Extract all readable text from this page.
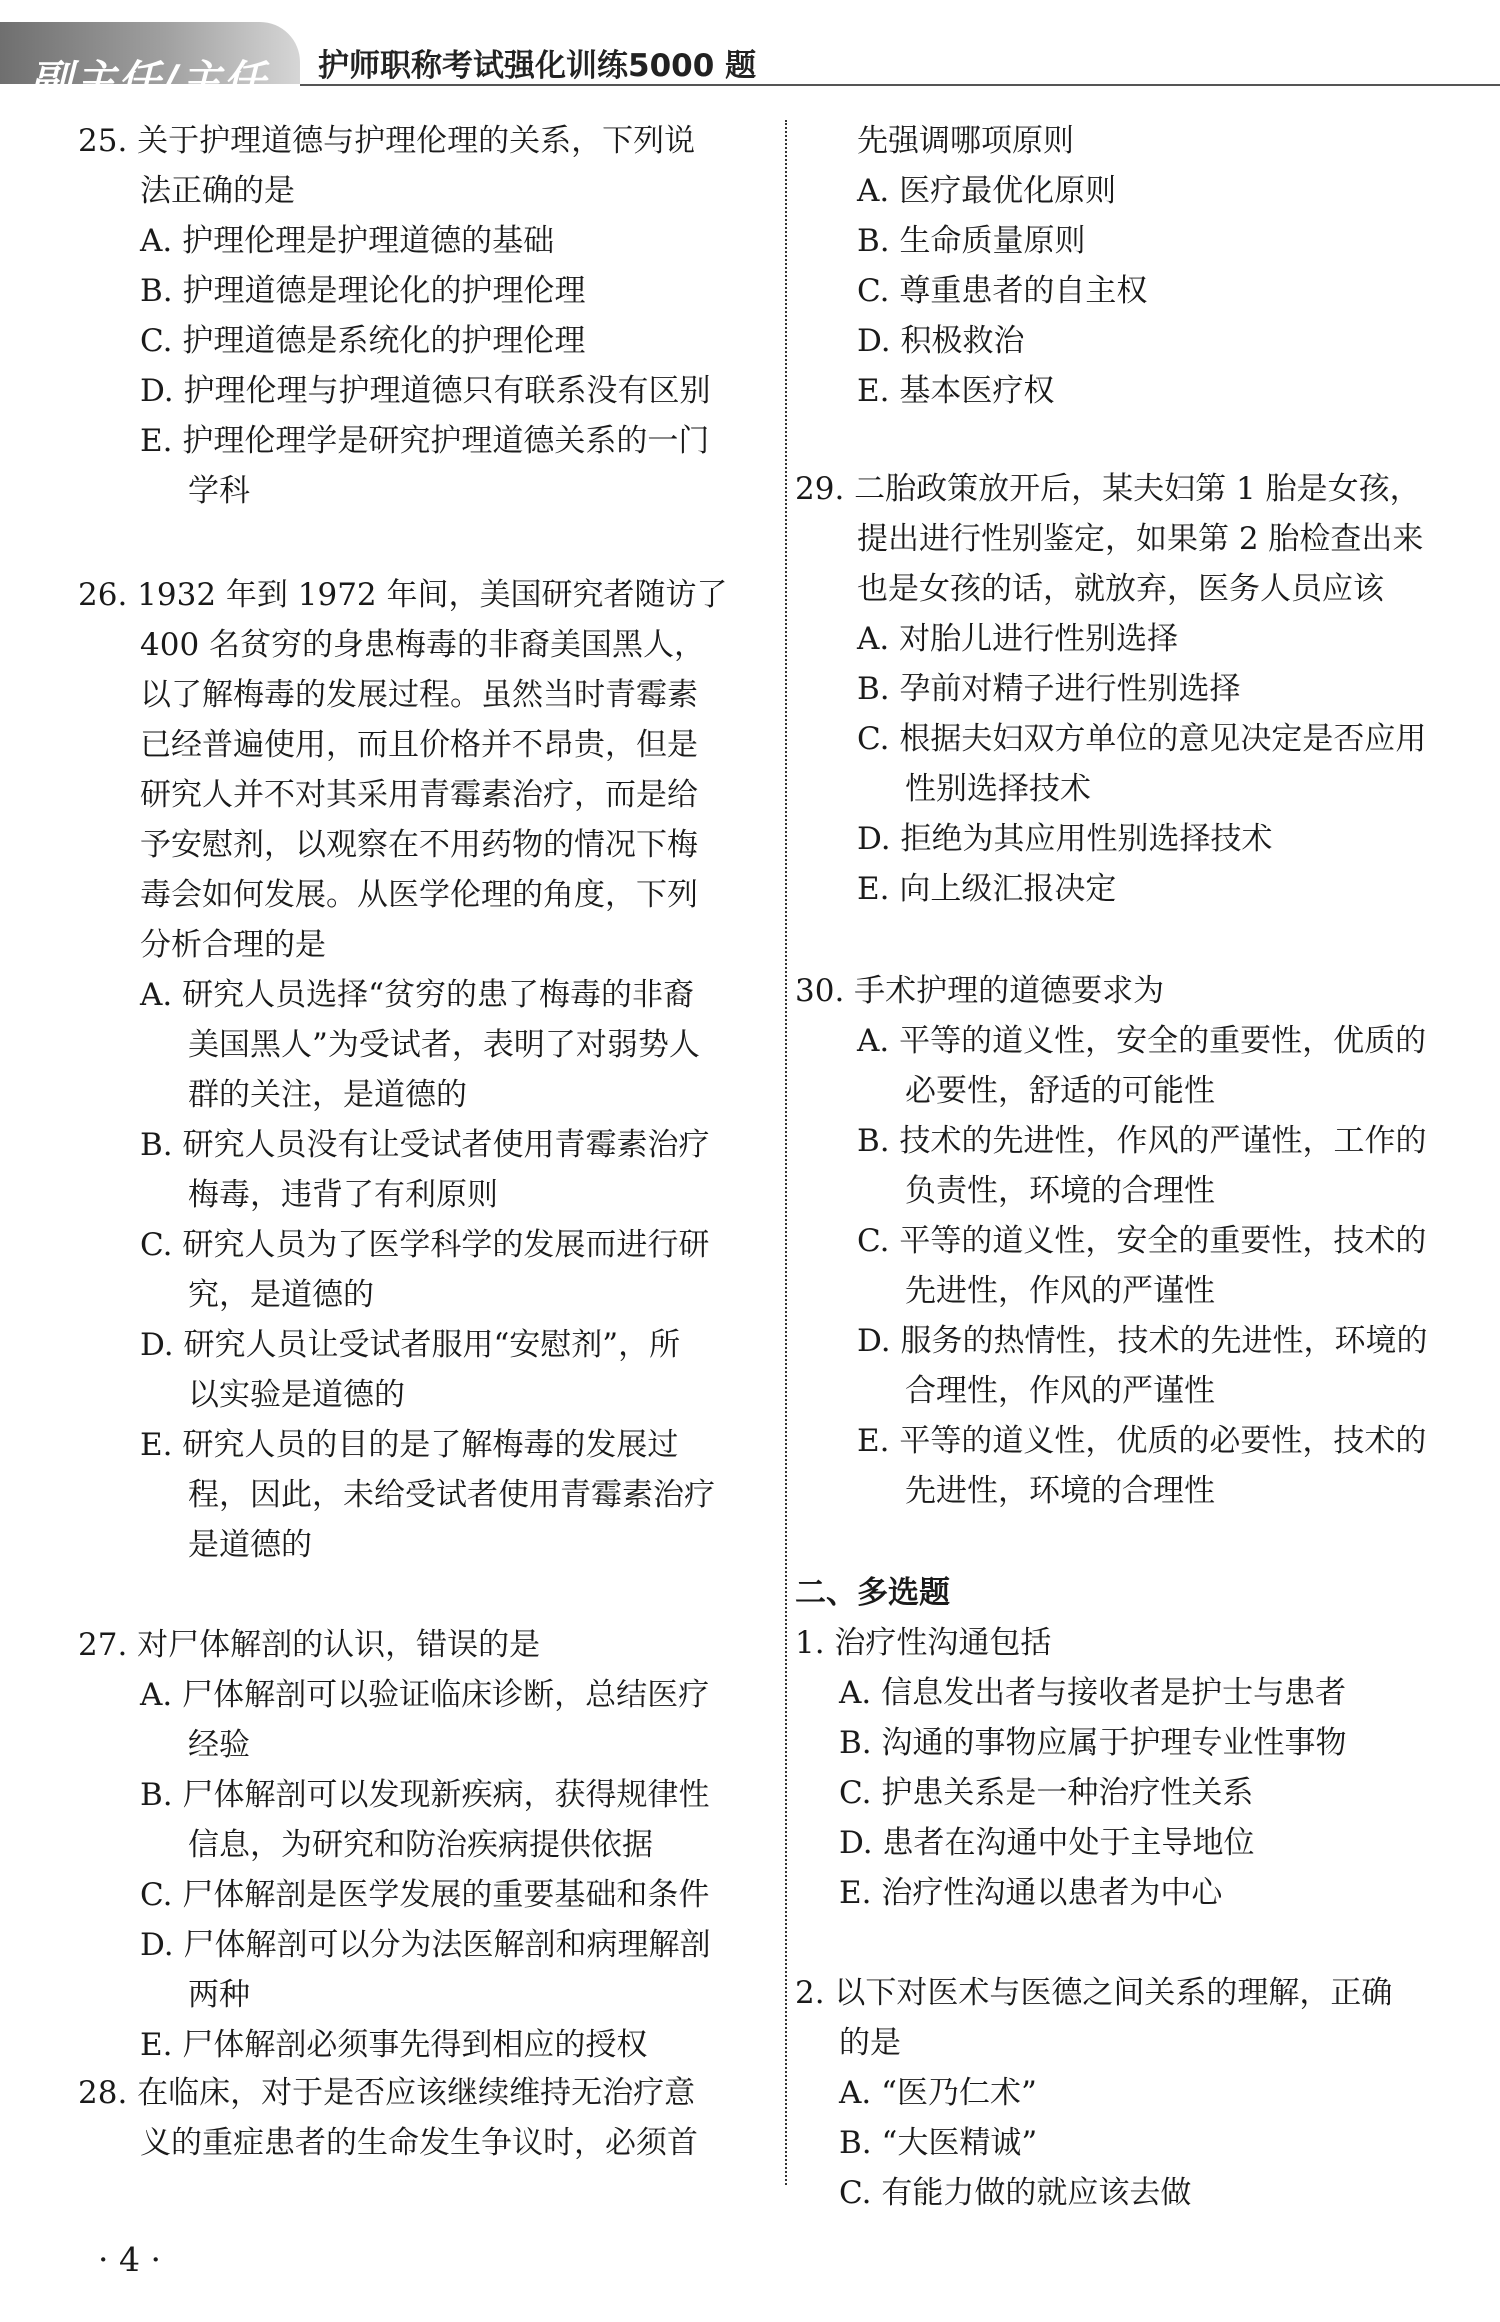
副主任/主任 护师职称考试强化训练5000 题
25. 关于护理道德与护理伦理的关系，下列说
法正确的是
A. 护理伦理是护理道德的基础
B. 护理道德是理论化的护理伦理
C. 护理道德是系统化的护理伦理
D. 护理伦理与护理道德只有联系没有区别
E. 护理伦理学是研究护理道德关系的一门
学科
26. 1932 年到 1972 年间，美国研究者随访了
400 名贫穷的身患梅毒的非裔美国黑人，
以了解梅毒的发展过程。虽然当时青霉素
已经普遍使用，而且价格并不昂贵，但是
研究人并不对其采用青霉素治疗，而是给
予安慰剂，以观察在不用药物的情况下梅
毒会如何发展。从医学伦理的角度，下列
分析合理的是
A. 研究人员选择“贫穷的患了梅毒的非裔
美国黑人”为受试者，表明了对弱势人
群的关注，是道德的
B. 研究人员没有让受试者使用青霉素治疗
梅毒，违背了有利原则
C. 研究人员为了医学科学的发展而进行研
究，是道德的
D. 研究人员让受试者服用“安慰剂”，所
以实验是道德的
E. 研究人员的目的是了解梅毒的发展过
程，因此，未给受试者使用青霉素治疗
是道德的
27. 对尸体解剖的认识，错误的是
A. 尸体解剖可以验证临床诊断，总结医疗
经验
B. 尸体解剖可以发现新疾病，获得规律性
信息，为研究和防治疾病提供依据
C. 尸体解剖是医学发展的重要基础和条件
D. 尸体解剖可以分为法医解剖和病理解剖
两种
E. 尸体解剖必须事先得到相应的授权
28. 在临床，对于是否应该继续维持无治疗意
义的重症患者的生命发生争议时，必须首
先强调哪项原则
A. 医疗最优化原则
B. 生命质量原则
C. 尊重患者的自主权
D. 积极救治
E. 基本医疗权
29. 二胎政策放开后，某夫妇第 1 胎是女孩，
提出进行性别鉴定，如果第 2 胎检查出来
也是女孩的话，就放弃，医务人员应该
A. 对胎儿进行性别选择
B. 孕前对精子进行性别选择
C. 根据夫妇双方单位的意见决定是否应用
性别选择技术
D. 拒绝为其应用性别选择技术
E. 向上级汇报决定
30. 手术护理的道德要求为
A. 平等的道义性，安全的重要性，优质的
必要性，舒适的可能性
B. 技术的先进性，作风的严谨性，工作的
负责性，环境的合理性
C. 平等的道义性，安全的重要性，技术的
先进性，作风的严谨性
D. 服务的热情性，技术的先进性，环境的
合理性，作风的严谨性
E. 平等的道义性，优质的必要性，技术的
先进性，环境的合理性
二、多选题
1. 治疗性沟通包括
A. 信息发出者与接收者是护士与患者
B. 沟通的事物应属于护理专业性事物
C. 护患关系是一种治疗性关系
D. 患者在沟通中处于主导地位
E. 治疗性沟通以患者为中心
2. 以下对医术与医德之间关系的理解，正确
的是
A. “医乃仁术”
B. “大医精诚”
C. 有能力做的就应该去做
· 4 ·
